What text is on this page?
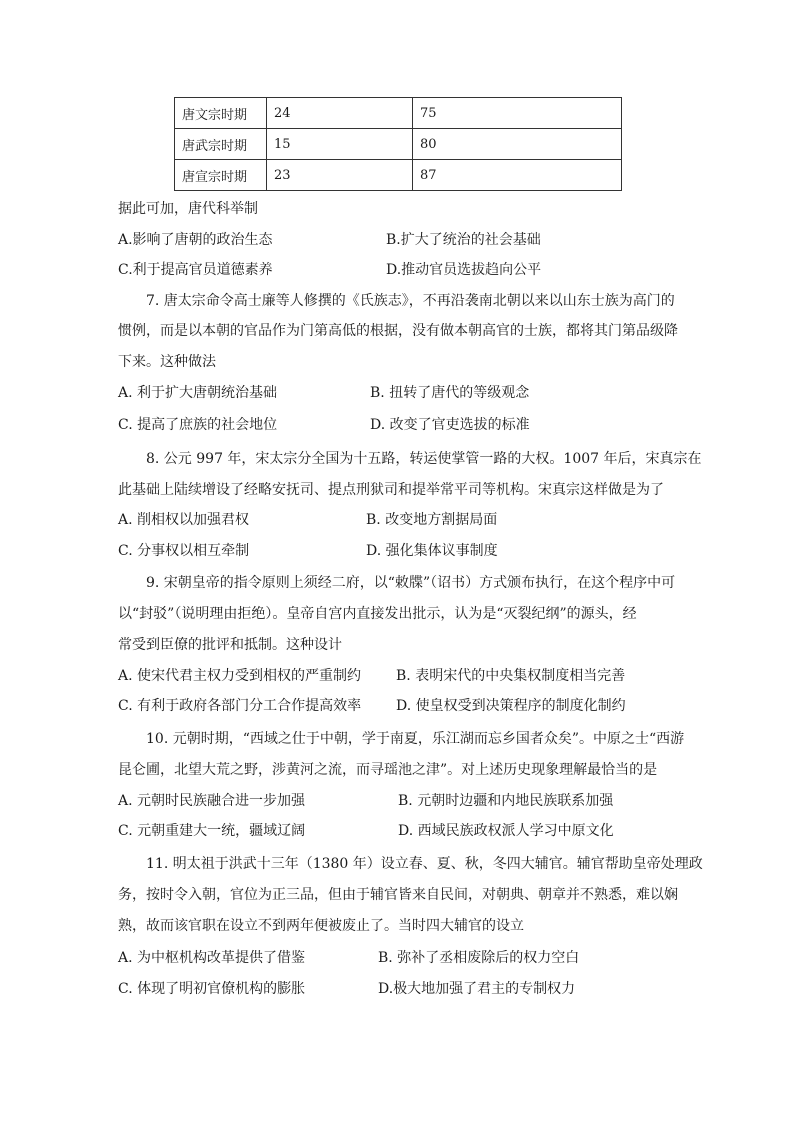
唐文宗时期	24	75
唐武宗时期	15	80
唐宣宗时期	23	87
据此可加，唐代科举制
A.影响了唐朝的政治生态	B.扩大了统治的社会基础
C.利于提高官员道德素养	D.推动官员选拔趋向公平
7. 唐太宗命令高士廉等人修撰的《氏族志》，不再沿袭南北朝以来以山东士族为高门的
惯例，而是以本朝的官品作为门第高低的根据，没有做本朝高官的士族，都将其门第品级降
下来。这种做法
A. 利于扩大唐朝统治基础	B. 扭转了唐代的等级观念
C. 提高了庶族的社会地位	D. 改变了官吏选拔的标准
8. 公元 997 年，宋太宗分全国为十五路，转运使掌管一路的大权。1007 年后，宋真宗在
此基础上陆续增设了经略安抚司、提点刑狱司和提举常平司等机构。宋真宗这样做是为了
A. 削相权以加强君权	B. 改变地方割据局面
C. 分事权以相互牵制	D. 强化集体议事制度
9. 宋朝皇帝的指令原则上须经二府，以“敕牒”（诏书）方式颁布执行，在这个程序中可
以“封驳”（说明理由拒绝）。皇帝自宫内直接发出批示，认为是“灭裂纪纲”的源头，经
常受到臣僚的批评和抵制。这种设计
A. 使宋代君主权力受到相权的严重制约 B. 表明宋代的中央集权制度相当完善
C. 有利于政府各部门分工合作提高效率 D. 使皇权受到决策程序的制度化制约
10. 元朝时期，“西域之仕于中朝，学于南夏，乐江湖而忘乡国者众矣”。中原之士“西游
昆仑圃，北望大荒之野，涉黄河之流，而寻瑶池之津”。对上述历史现象理解最恰当的是
A. 元朝时民族融合进一步加强	B. 元朝时边疆和内地民族联系加强
C. 元朝重建大一统，疆域辽阔	D. 西域民族政权派人学习中原文化
11. 明太祖于洪武十三年（1380 年）设立春、夏、秋，冬四大辅官。辅官帮助皇帝处理政
务，按时令入朝，官位为正三品，但由于辅官皆来自民间，对朝典、朝章并不熟悉，难以娴
熟，故而该官职在设立不到两年便被废止了。当时四大辅官的设立
A. 为中枢机构改革提供了借鉴	B. 弥补了丞相废除后的权力空白
C. 体现了明初官僚机构的膨胀	D.极大地加强了君主的专制权力
